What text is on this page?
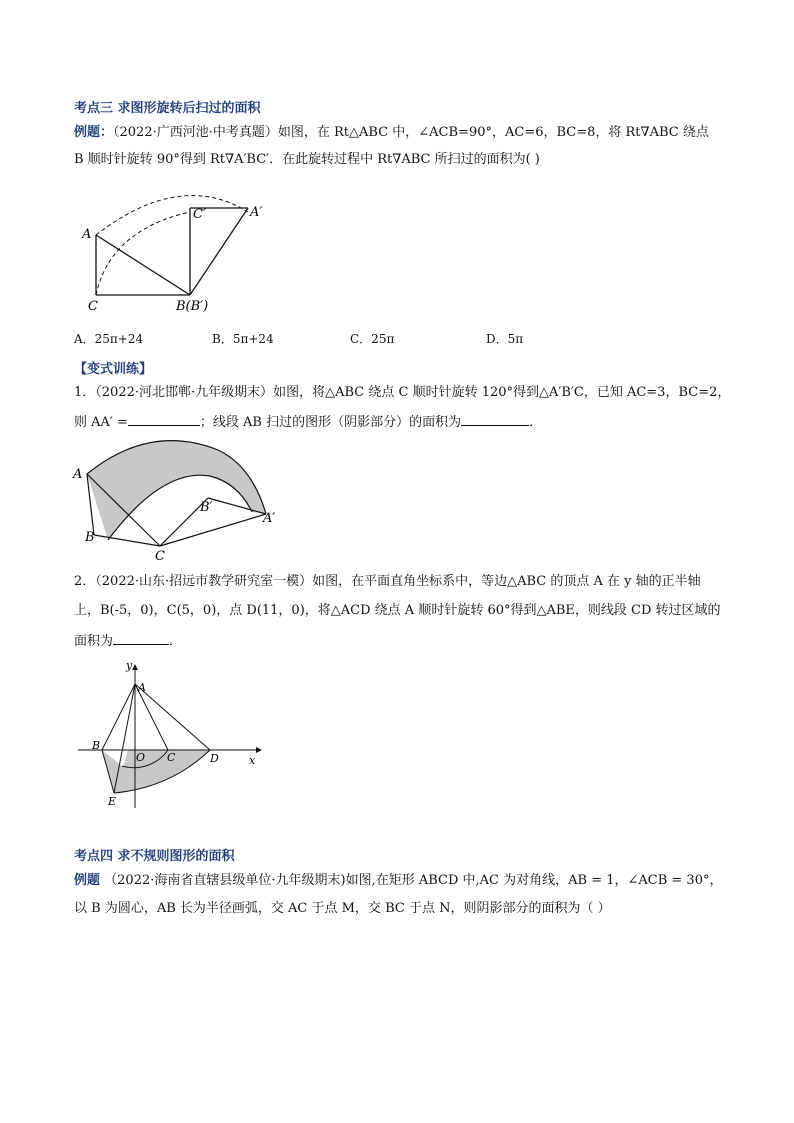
考点三 求图形旋转后扫过的面积
例题：（2022·广西河池·中考真题）如图，在 Rt△ABC 中，∠ACB=90°，AC=6，BC=8，将 Rt∇ABC 绕点
B 顺时针旋转 90°得到 Rt∇A′BC′．在此旋转过程中 Rt∇ABC 所扫过的面积为( )
A
C	B(B′)
C′	A′
A．25π+24	B．5π+24	C．25π	D．5π
【变式训练】
1．（2022·河北邯郸·九年级期末）如图，将△ABC 绕点 C 顺时针旋转 120°得到△A′B′C，已知 AC=3，BC=2，
则 AA′ =	；线段 AB 扫过的图形（阴影部分）的面积为	．
A
B
C
B′
A′
2．（2022·山东·招远市教学研究室一模）如图，在平面直角坐标系中，等边△ABC 的顶点 A 在 y 轴的正半轴
上，B(-5，0)，C(5，0)，点 D(11，0)，将△ACD 绕点 A 顺时针旋转 60°得到△ABE，则线段 CD 转过区域的
面积为	．
y
x
A
B
O C	D
E
考点四 求不规则图形的面积
例题 （2022·海南省直辖县级单位·九年级期末)如图,在矩形 ABCD 中,AC 为对角线，AB = 1，∠ACB = 30°，
以 B 为圆心，AB 长为半径画弧，交 AC 于点 M，交 BC 于点 N，则阴影部分的面积为（ ）
